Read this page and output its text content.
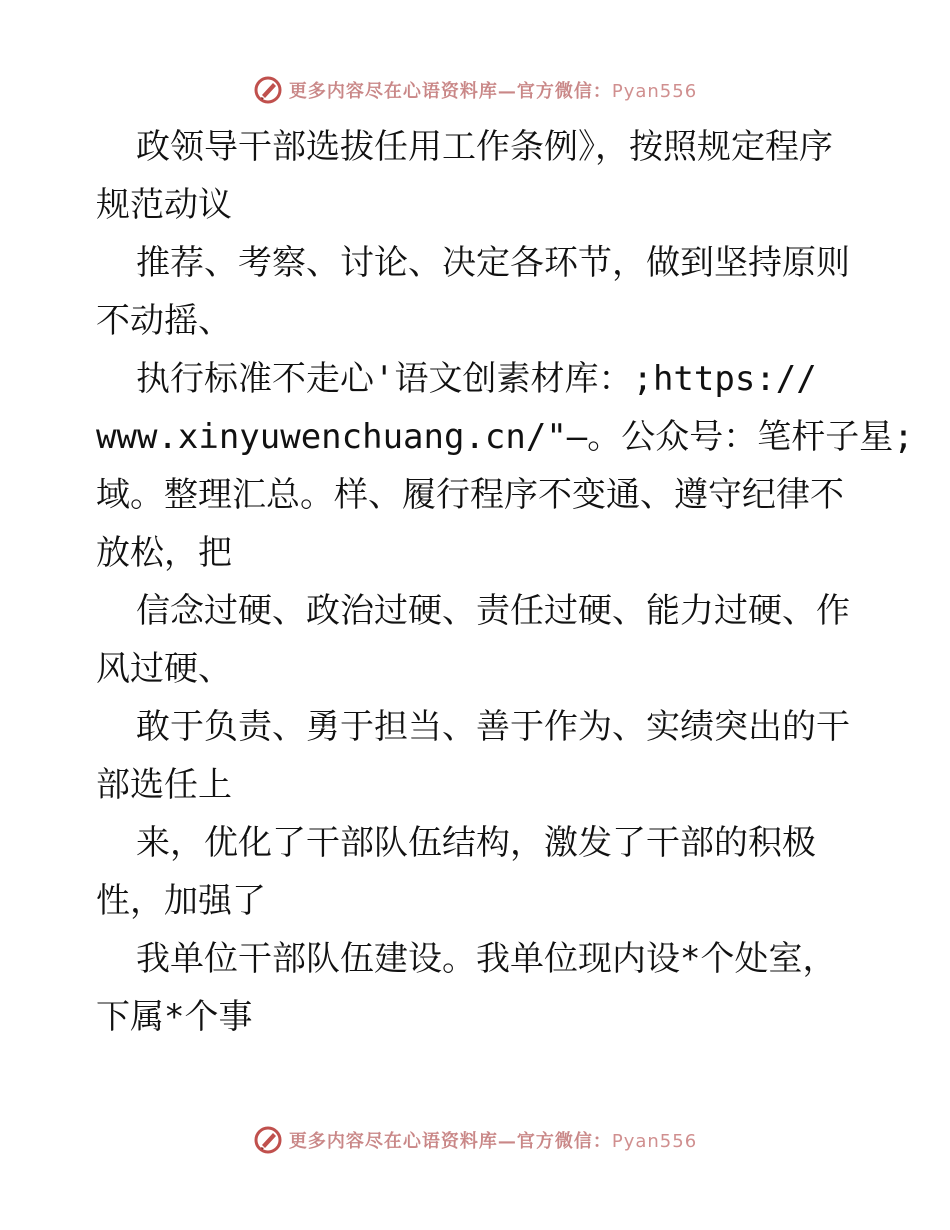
更多内容尽在心语资料库—官方微信：Pyan556
政领导干部选拔任用工作条例》，按照规定程序
规范动议
推荐、考察、讨论、决定各环节，做到坚持原则
不动摇、
执行标准不走心'语文创素材库：;https://
www.xinyuwenchuang.cn/"—。公众号：笔杆子星;
域。整理汇总。样、履行程序不变通、遵守纪律不
放松，把
信念过硬、政治过硬、责任过硬、能力过硬、作
风过硬、
敢于负责、勇于担当、善于作为、实绩突出的干
部选任上
来，优化了干部队伍结构，激发了干部的积极
性，加强了
我单位干部队伍建设。我单位现内设*个处室，
下属*个事
更多内容尽在心语资料库—官方微信：Pyan556
